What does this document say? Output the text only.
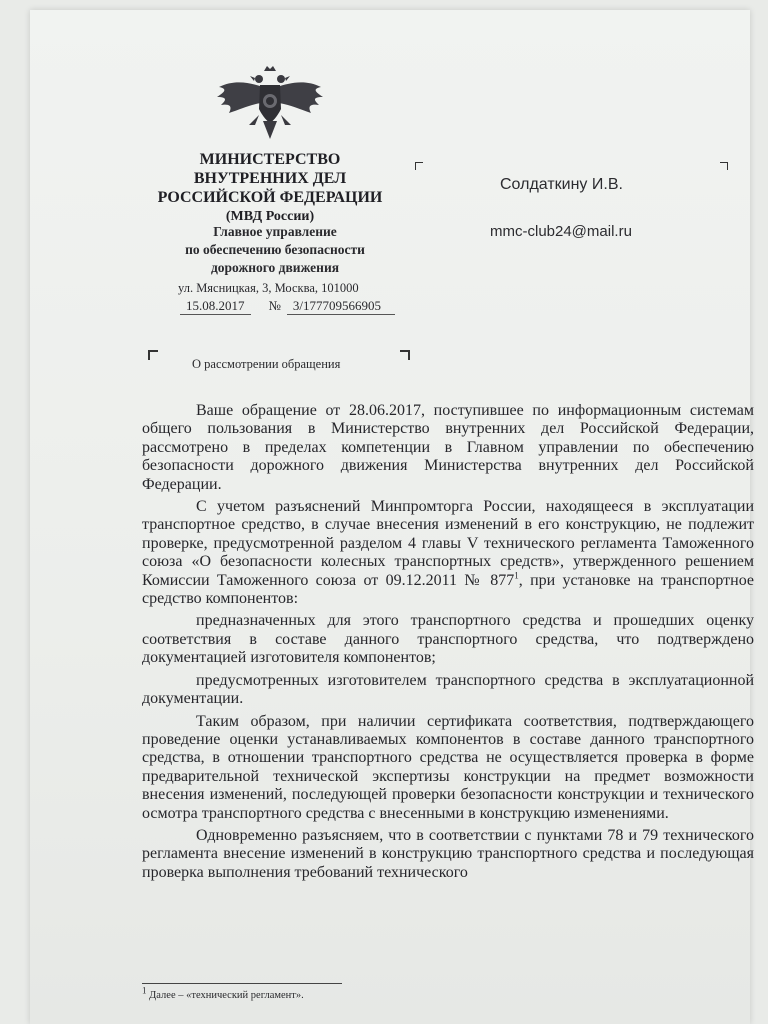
МИНИСТЕРСТВО
ВНУТРЕННИХ ДЕЛ
РОССИЙСКОЙ ФЕДЕРАЦИИ
(МВД России)
Главное управление
по обеспечению безопасности
дорожного движения
ул. Мясницкая, 3, Москва, 101000
15.08.2017 № 3/177709566905
Солдаткину И.В.
mmc-club24@mail.ru
О рассмотрении обращения

Ваше обращение от 28.06.2017, поступившее по информационным системам общего пользования в Министерство внутренних дел Российской Федерации, рассмотрено в пределах компетенции в Главном управлении по обеспечению безопасности дорожного движения Министерства внутренних дел Российской Федерации.

С учетом разъяснений Минпромторга России, находящееся в эксплуатации транспортное средство, в случае внесения изменений в его конструкцию, не подлежит проверке, предусмотренной разделом 4 главы V технического регламента Таможенного союза «О безопасности колесных транспортных средств», утвержденного решением Комиссии Таможенного союза от 09.12.2011 № $877^1$, при установке на транспортное средство компонентов:

предназначенных для этого транспортного средства и прошедших оценку соответствия в составе данного транспортного средства, что подтверждено документацией изготовителя компонентов;

предусмотренных изготовителем транспортного средства в эксплуатационной документации.

Таким образом, при наличии сертификата соответствия, подтверждающего проведение оценки устанавливаемых компонентов в составе данного транспортного средства, в отношении транспортного средства не осуществляется проверка в форме предварительной технической экспертизы конструкции на предмет возможности внесения изменений, последующей проверки безопасности конструкции и технического осмотра транспортного средства с внесенными в конструкцию изменениями.

Одновременно разъясняем, что в соответствии с пунктами 78 и 79 технического регламента внесение изменений в конструкцию транспортного средства и последующая проверка выполнения требований технического

$^1$ Далее – «технический регламент».
